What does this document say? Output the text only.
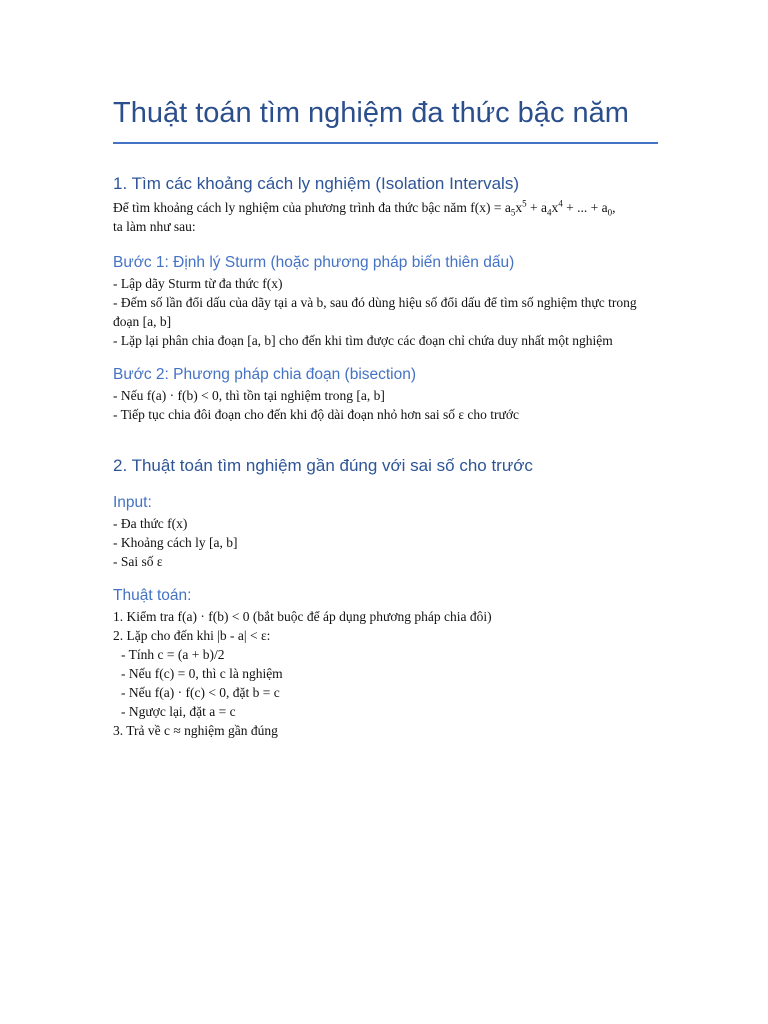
Thuật toán tìm nghiệm đa thức bậc năm
1. Tìm các khoảng cách ly nghiệm (Isolation Intervals)

Để tìm khoảng cách ly nghiệm của phương trình đa thức bậc năm $f(x) = a_5x^5 + a_4x^4$ + ... + $a_0$,
ta làm như sau:

Bước 1: Định lý Sturm (hoặc phương pháp biến thiên dấu)

- Lập dãy Sturm từ đa thức f(x)

- Đếm số lần đổi dấu của dãy tại a và b, sau đó dùng hiệu số đổi dấu để tìm số nghiệm thực trong đoạn [a, b]

- Lặp lại phân chia đoạn [a, b] cho đến khi tìm được các đoạn chỉ chứa duy nhất một nghiệm

Bước 2: Phương pháp chia đoạn (bisection)

- Nếu f(a) · f(b) < 0, thì tồn tại nghiệm trong [a, b]

- Tiếp tục chia đôi đoạn cho đến khi độ dài đoạn nhỏ hơn sai số ε cho trước

2. Thuật toán tìm nghiệm gần đúng với sai số cho trước
Input:

- Đa thức f(x)

- Khoảng cách ly [a, b]

- Sai số ε

Thuật toán:

1. Kiểm tra f(a) · f(b) < 0 (bắt buộc để áp dụng phương pháp chia đôi)

2. Lặp cho đến khi |b - a| < ε:

- Tính c = (a + b)/2

- Nếu f(c) = 0, thì c là nghiệm

- Nếu f(a) · f(c) < 0, đặt b = c

- Ngược lại, đặt a = c

3. Trả về c ≈ nghiệm gần đúng
